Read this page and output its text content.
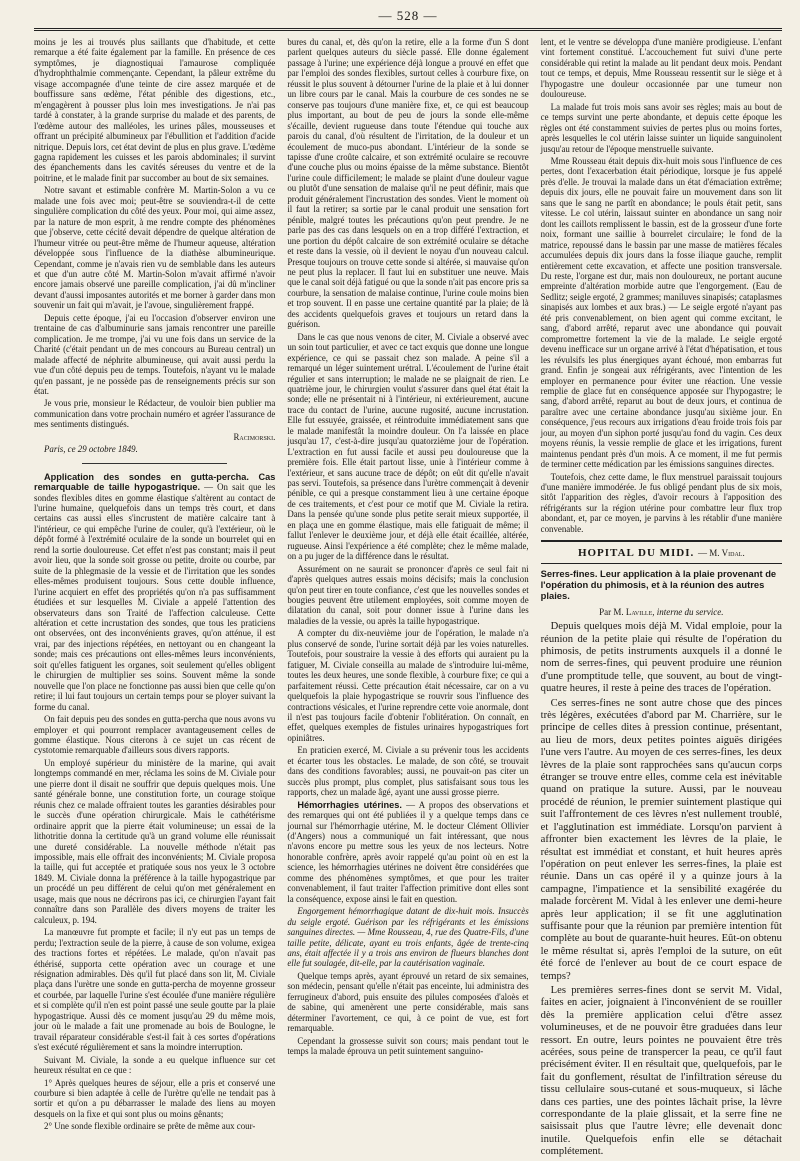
— 528 —

moins je les ai trouvés plus saillants que d'habitude, et cette remarque a été faite également par la famille. En présence de ces symptômes, je diagnostiquai l'amaurose compliquée d'hydrophthalmie commençante. Cependant, la pâleur extrême du visage accompagnée d'une teinte de cire assez marquée et de bouffissure sans œdème, l'état pénible des digestions, etc., m'engagèrent à pousser plus loin mes investigations. Je n'ai pas tardé à constater, à la grande surprise du malade et des parents, de l'œdème autour des malléoles, les urines pâles, mousseuses et offrant un précipité albumineux par l'ébullition et l'addition d'acide nitrique. Depuis lors, cet état devint de plus en plus grave. L'œdème gagna rapidement les cuisses et les parois abdominales; il survint des épanchements dans les cavités séreuses du ventre et de la poitrine, et le malade finit par succomber au bout de six semaines.

Notre savant et estimable confrère M. Martin-Solon a vu ce malade une fois avec moi; peut-être se souviendra-t-il de cette singulière complication du côté des yeux. Pour moi, qui aime assez, par la nature de mon esprit, à me rendre compte des phénomènes que j'observe, cette cécité devait dépendre de quelque altération de l'humeur vitrée ou peut-être même de l'humeur aqueuse, altération développée sous l'influence de la diathèse albumineurique. Cependant, comme je n'avais rien vu de semblable dans les auteurs et que d'un autre côté M. Martin-Solon m'avait affirmé n'avoir encore jamais observé une pareille complication, j'ai dû m'incliner devant d'aussi imposantes autorités et me borner à garder dans mon souvenir un fait qui m'avait, je l'avoue, singulièrement frappé.

Depuis cette époque, j'ai eu l'occasion d'observer environ une trentaine de cas d'albuminurie sans jamais rencontrer une pareille complication. Je me trompe, j'ai vu une fois dans un service de la Charité (c'était pendant un de mes concours au Bureau central) un malade affecté de néphrite albumineuse, qui avait aussi perdu la vue d'un côté depuis peu de temps. Toutefois, n'ayant vu le malade qu'en passant, je ne possède pas de renseignements précis sur son état.

Je vous prie, monsieur le Rédacteur, de vouloir bien publier ma communication dans votre prochain numéro et agréer l'assurance de mes sentiments distingués.

Racimorski.
Paris, ce 29 octobre 1849.

Application des sondes en gutta-percha. Cas remarquable de taille hypogastrique. — On sait que les sondes flexibles dites en gomme élastique s'altèrent au contact de l'urine humaine, quelquefois dans un temps très court, et dans certains cas aussi elles s'incrustent de matière calcaire tant à l'intérieur, ce qui empêche l'urine de couler, qu'à l'extérieur, où le dépôt formé à l'extrémité oculaire de la sonde un bourrelet qui en rend la sortie douloureuse. Cet effet n'est pas constant; mais il peut avoir lieu, que la sonde soit grosse ou petite, droite ou courbe, par suite de la phlegmasie de la vessie et de l'irritation que les sondes elles-mêmes produisent toujours. Sous cette double influence, l'urine acquiert en effet des propriétés qu'on n'a pas suffisamment étudiées et sur lesquelles M. Civiale a appelé l'attention des observateurs dans son Traité de l'affection calculeuse. Cette altération et cette incrustation des sondes, que tous les praticiens ont observées, ont des inconvénients graves, qu'on atténue, il est vrai, par des injections répétées, en nettoyant ou en changeant la sonde; mais ces précautions ont elles-mêmes leurs inconvénients, soit qu'elles fatiguent les organes, soit seulement qu'elles obligent le chirurgien de multiplier ses soins. Souvent même la sonde nouvelle que l'on place ne fonctionne pas aussi bien que celle qu'on retire; il lui faut toujours un certain temps pour se ployer suivant la forme du canal.

On fait depuis peu des sondes en gutta-percha que nous avons vu employer et qui pourront remplacer avantageusement celles de gomme élastique. Nous citerons à ce sujet un cas récent de cystotomie remarquable d'ailleurs sous divers rapports.

Un employé supérieur du ministère de la marine, qui avait longtemps commandé en mer, réclama les soins de M. Civiale pour une pierre dont il disait ne souffrir que depuis quelques mois. Une santé générale bonne, une constitution forte, un courage stoïque réunis chez ce malade offraient toutes les garanties désirables pour le succès d'une opération chirurgicale. Mais le cathétérisme ordinaire apprit que la pierre était volumineuse; un essai de la lithotritie donna la certitude qu'à un grand volume elle réunissait une dureté considérable. La nouvelle méthode n'était pas impossible, mais elle offrait des inconvénients; M. Civiale proposa la taille, qui fut acceptée et pratiquée sous nos yeux le 3 octobre 1849. M. Civiale donna la préférence à la taille hypogastrique par un procédé un peu différent de celui qu'on met généralement en usage, mais que nous ne décrirons pas ici, ce chirurgien l'ayant fait connaître dans son Parallèle des divers moyens de traiter les calculeux, p. 194.

La manœuvre fut prompte et facile; il n'y eut pas un temps de perdu; l'extraction seule de la pierre, à cause de son volume, exigea des tractions fortes et répétées. Le malade, qu'on n'avait pas éthérisé, supporta cette opération avec un courage et une résignation admirables. Dès qu'il fut placé dans son lit, M. Civiale plaça dans l'urètre une sonde en gutta-percha de moyenne grosseur et courbée, par laquelle l'urine s'est écoulée d'une manière régulière et si complète qu'il n'en est point passé une seule goutte par la plaie hypogastrique. Aussi dès ce moment jusqu'au 29 du même mois, jour où le malade a fait une promenade au bois de Boulogne, le travail réparateur considérable s'est-il fait à ces sortes d'opérations s'est exécuté régulièrement et sans la moindre interruption.

Suivant M. Civiale, la sonde a eu quelque influence sur cet heureux résultat en ce que :

1° Après quelques heures de séjour, elle a pris et conservé une courbure si bien adaptée à celle de l'urètre qu'elle ne tendait pas à sortir et qu'on a pu débarrasser le malade des liens au moyen desquels on la fixe et qui sont plus ou moins gênants;

2° Une sonde flexible ordinaire se prête de même aux cour-

bures du canal, et, dès qu'on la retire, elle a la forme d'un S dont parlent quelques auteurs du siècle passé. Elle donne également passage à l'urine; une expérience déjà longue a prouvé en effet que par l'emploi des sondes flexibles, surtout celles à courbure fixe, on réussit le plus souvent à détourner l'urine de la plaie et à lui donner un libre cours par le canal. Mais la courbure de ces sondes ne se conserve pas toujours d'une manière fixe, et, ce qui est beaucoup plus important, au bout de peu de jours la sonde elle-même s'écaille, devient rugueuse dans toute l'étendue qui touche aux parois du canal, d'où résultent de l'irritation, de la douleur et un écoulement de muco-pus abondant. L'intérieur de la sonde se tapisse d'une croûte calcaire, et son extrémité oculaire se recouvre d'une couche plus ou moins épaisse de la même substance. Bientôt l'urine coule difficilement; le malade se plaint d'une douleur vague ou plutôt d'une sensation de malaise qu'il ne peut définir, mais que produit généralement l'incrustation des sondes. Vient le moment où il faut la retirer; sa sortie par le canal produit une sensation fort pénible, malgré toutes les précautions qu'on peut prendre. Je ne parle pas des cas dans lesquels on en a trop différé l'extraction, et une portion du dépôt calcaire de son extrémité oculaire se détache et reste dans la vessie, où il devient le noyau d'un nouveau calcul. Presque toujours on trouve cette sonde si altérée, si mauvaise qu'on ne peut plus la replacer. Il faut lui en substituer une neuve. Mais que le canal soit déjà fatigué ou que la sonde n'ait pas encore pris sa courbure, la sensation de malaise continue, l'urine coule moins bien et trop souvent. Il en passe une certaine quantité par la plaie; de là des accidents quelquefois graves et toujours un retard dans la guérison.

Dans le cas que nous venons de citer, M. Civiale a observé avec un soin tout particulier, et avec ce tact exquis que donne une longue expérience, ce qui se passait chez son malade. A peine s'il a remarqué un léger suintement urétral. L'écoulement de l'urine était régulier et sans interruption; le malade ne se plaignait de rien. Le quatrième jour, le chirurgien voulut s'assurer dans quel état était la sonde; elle ne présentait ni à l'intérieur, ni extérieurement, aucune trace du contact de l'urine, aucune rugosité, aucune incrustation. Elle fut essuyée, graissée, et réintroduite immédiatement sans que le malade manifestât la moindre douleur. On l'a laissée en place jusqu'au 17, c'est-à-dire jusqu'au quatorzième jour de l'opération. L'extraction en fut aussi facile et aussi peu douloureuse que la première fois. Elle était partout lisse, unie à l'intérieur comme à l'extérieur, et sans aucune trace de dépôt; on eût dit qu'elle n'avait pas servi. Toutefois, sa présence dans l'urètre commençait à devenir pénible, ce qui a presque constamment lieu à une certaine époque de ces traitements, et c'est pour ce motif que M. Civiale la retira. Dans la pensée qu'une sonde plus petite serait mieux supportée, il en plaça une en gomme élastique, mais elle fatiguait de même; il fallut l'enlever le deuxième jour, et déjà elle était écaillée, altérée, rugueuse. Ainsi l'expérience a été complète; chez le même malade, on a pu juger de la différence dans le résultat.

Assurément on ne saurait se prononcer d'après ce seul fait ni d'après quelques autres essais moins décisifs; mais la conclusion qu'on peut tirer en toute confiance, c'est que les nouvelles sondes et bougies peuvent être utilement employées, soit comme moyen de dilatation du canal, soit pour donner issue à l'urine dans les maladies de la vessie, ou après la taille hypogastrique.

A compter du dix-neuvième jour de l'opération, le malade n'a plus conservé de sonde, l'urine sortait déjà par les voies naturelles. Toutefois, pour soustraire la vessie à des efforts qui auraient pu la fatiguer, M. Civiale conseilla au malade de s'introduire lui-même, toutes les deux heures, une sonde flexible, à courbure fixe; ce qui a parfaitement réussi. Cette précaution était nécessaire, car on a vu quelquefois la plaie hypogastrique se rouvrir sous l'influence des contractions vésicales, et l'urine reprendre cette voie anormale, dont il n'est pas toujours facile d'obtenir l'oblitération. On connaît, en effet, quelques exemples de fistules urinaires hypogastriques fort opiniâtres.

En praticien exercé, M. Civiale a su prévenir tous les accidents et écarter tous les obstacles. Le malade, de son côté, se trouvait dans des conditions favorables; aussi, ne pouvait-on pas citer un succès plus prompt, plus complet, plus satisfaisant sous tous les rapports, chez un malade âgé, ayant une aussi grosse pierre.

Hémorrhagies utérines. — A propos des observations et des remarques qui ont été publiées il y a quelque temps dans ce journal sur l'hémorrhagie utérine, M. le docteur Clément Ollivier (d'Angers) nous a communiqué un fait intéressant, que nous n'avons encore pu mettre sous les yeux de nos lecteurs. Notre honorable confrère, après avoir rappelé qu'au point où en est la science, les hémorrhagies utérines ne doivent être considérées que comme des phénomènes symptômes, et que pour les traiter convenablement, il faut traiter l'affection primitive dont elles sont la conséquence, expose ainsi le fait en question.

Engorgement hémorrhagique datant de dix-huit mois. Insuccès du seigle ergoté. Guérison par les réfrigérants et les émissions sanguines directes. — Mme Rousseau, 4, rue des Quatre-Fils, d'une taille petite, délicate, ayant eu trois enfants, âgée de trente-cinq ans, était affectée il y a trois ans environ de flueurs blanches dont elle fut soulagée, dit-elle, par la cautérisation vaginale.

Quelque temps après, ayant éprouvé un retard de six semaines, son médecin, pensant qu'elle n'était pas enceinte, lui administra des ferrugineux d'abord, puis ensuite des pilules composées d'aloès et de sabine, qui amenèrent une perte considérable, mais sans déterminer l'avortement, ce qui, à ce point de vue, est fort remarquable.

Cependant la grossesse suivit son cours; mais pendant tout le temps la malade éprouva un petit suintement sanguino-

lent, et le ventre se développa d'une manière prodigieuse. L'enfant vint fortement constitué. L'accouchement fut suivi d'une perte considérable qui retint la malade au lit pendant deux mois. Pendant tout ce temps, et depuis, Mme Rousseau ressentit sur le siège et à l'hypogastre une douleur occasionnée par une tumeur non douloureuse.

La malade fut trois mois sans avoir ses règles; mais au bout de ce temps survint une perte abondante, et depuis cette époque les règles ont été constamment suivies de pertes plus ou moins fortes, après lesquelles le col utérin laisse suinter un liquide sanguinolent jusqu'au retour de l'époque menstruelle suivante.

Mme Rousseau était depuis dix-huit mois sous l'influence de ces pertes, dont l'exacerbation était périodique, lorsque je fus appelé près d'elle. Je trouvai la malade dans un état d'émaciation extrême; depuis dix jours, elle ne pouvait faire un mouvement dans son lit sans que le sang ne partît en abondance; le pouls était petit, sans vitesse. Le col utérin, laissaut suinter en abondance un sang noir dont les caillots remplissent le bassin, est de la grosseur d'une forte noix, formant une saillie à bourrelet circulaire; le fond de la matrice, repoussé dans le bassin par une masse de matières fécales accumulées depuis dix jours dans la fosse iliaque gauche, remplit entièrement cette excavation, et affecte une position transversale. Du reste, l'organe est dur, mais non douloureux, ne portant aucune empreinte d'altération morbide autre que l'engorgement. (Eau de Sedlitz; seigle ergoté, 2 grammes; maniluves sinapisés; cataplasmes sinapisés aux lombes et aux bras.) — Le seigle ergoté n'ayant pas été pris convenablement, on bien agent qui comme excitant, le sang, d'abord arrêté, reparut avec une abondance qui pouvait compromettre fortement la vie de la malade. Le seigle ergoté devenu inefficace sur un organe arrivé à l'état d'hépatisation, et tous les révulsifs les plus énergiques ayant échoué, mon embarras fut grand. Enfin je songeai aux réfrigérants, avec l'intention de les employer en permanence pour éviter une réaction. Une vessie remplie de glace fut en conséquence apposée sur l'hypogastre; le sang, d'abord arrêté, reparut au bout de deux jours, et continua de paraître avec une certaine abondance jusqu'au sixième jour. En conséquence, j'eus recours aux irrigations d'eau froide trois fois par jour, au moyen d'un siphon porté jusqu'au fond du vagin. Ces deux moyens réunis, la vessie remplie de glace et les irrigations, furent maintenus pendant près d'un mois. A ce moment, il me fut permis de terminer cette médication par les émissions sanguines directes.

Toutefois, chez cette dame, le flux menstruel paraissait toujours d'une manière immodérée. Je fus obligé pendant plus de six mois, sitôt l'apparition des règles, d'avoir recours à l'apposition des réfrigérants sur la région utérine pour combattre leur flux trop abondant, et, par ce moyen, je parvins à les rétablir d'une manière convenable.

HOPITAL DU MIDI. — M. Vidal.
Serres-fines. Leur application à la plaie provenant de l'opération du phimosis, et à la réunion des autres plaies.
Par M. Laville, interne du service.

Depuis quelques mois déjà M. Vidal emploie, pour la réunion de la petite plaie qui résulte de l'opération du phimosis, de petits instruments auxquels il a donné le nom de serres-fines, qui peuvent produire une réunion d'une promptitude telle, que souvent, au bout de vingt-quatre heures, il reste à peine des traces de l'opération.

Ces serres-fines ne sont autre chose que des pinces très légères, exécutées d'abord par M. Charrière, sur le principe de celles dites à pression continue, présentant, au lieu de mors, deux petites pointes aiguës dirigées l'une vers l'autre. Au moyen de ces serres-fines, les deux lèvres de la plaie sont rapprochées sans qu'aucun corps étranger se trouve entre elles, comme cela est inévitable quand on pratique la suture. Aussi, par le nouveau procédé de réunion, le premier suintement plastique qui suit l'affrontement de ces lèvres n'est nullement troublé, et l'agglutination est immédiate. Lorsqu'on parvient à affronter bien exactement les lèvres de la plaie, le résultat est immédiat et constant, et huit heures après l'opération on peut enlever les serres-fines, la plaie est réunie. Dans un cas opéré il y a quinze jours à la campagne, l'impatience et la sensibilité exagérée du malade forcèrent M. Vidal à les enlever une demi-heure après leur application; il se fit une agglutination suffisante pour que la réunion par première intention fût complète au bout de quarante-huit heures. Eût-on obtenu le même résultat si, après l'emploi de la suture, on eût été forcé de l'enlever au bout de ce court espace de temps?

Les premières serres-fines dont se servit M. Vidal, faites en acier, joignaient à l'inconvénient de se rouiller dès la première application celui d'être assez volumineuses, et de ne pouvoir être graduées dans leur ressort. En outre, leurs pointes ne pouvaient être très acérées, sous peine de transpercer la peau, ce qu'il faut précisément éviter. Il en résultait que, quelquefois, par le fait du gonflement, résultat de l'infiltration séreuse du tissu cellulaire sous-cutané et sous-muqueux, si lâche dans ces parties, une des pointes lâchait prise, la lèvre correspondante de la plaie glissait, et la serre fine ne saisissait plus que l'autre lèvre; elle devenait donc inutile. Quelquefois enfin elle se détachait complétement.
